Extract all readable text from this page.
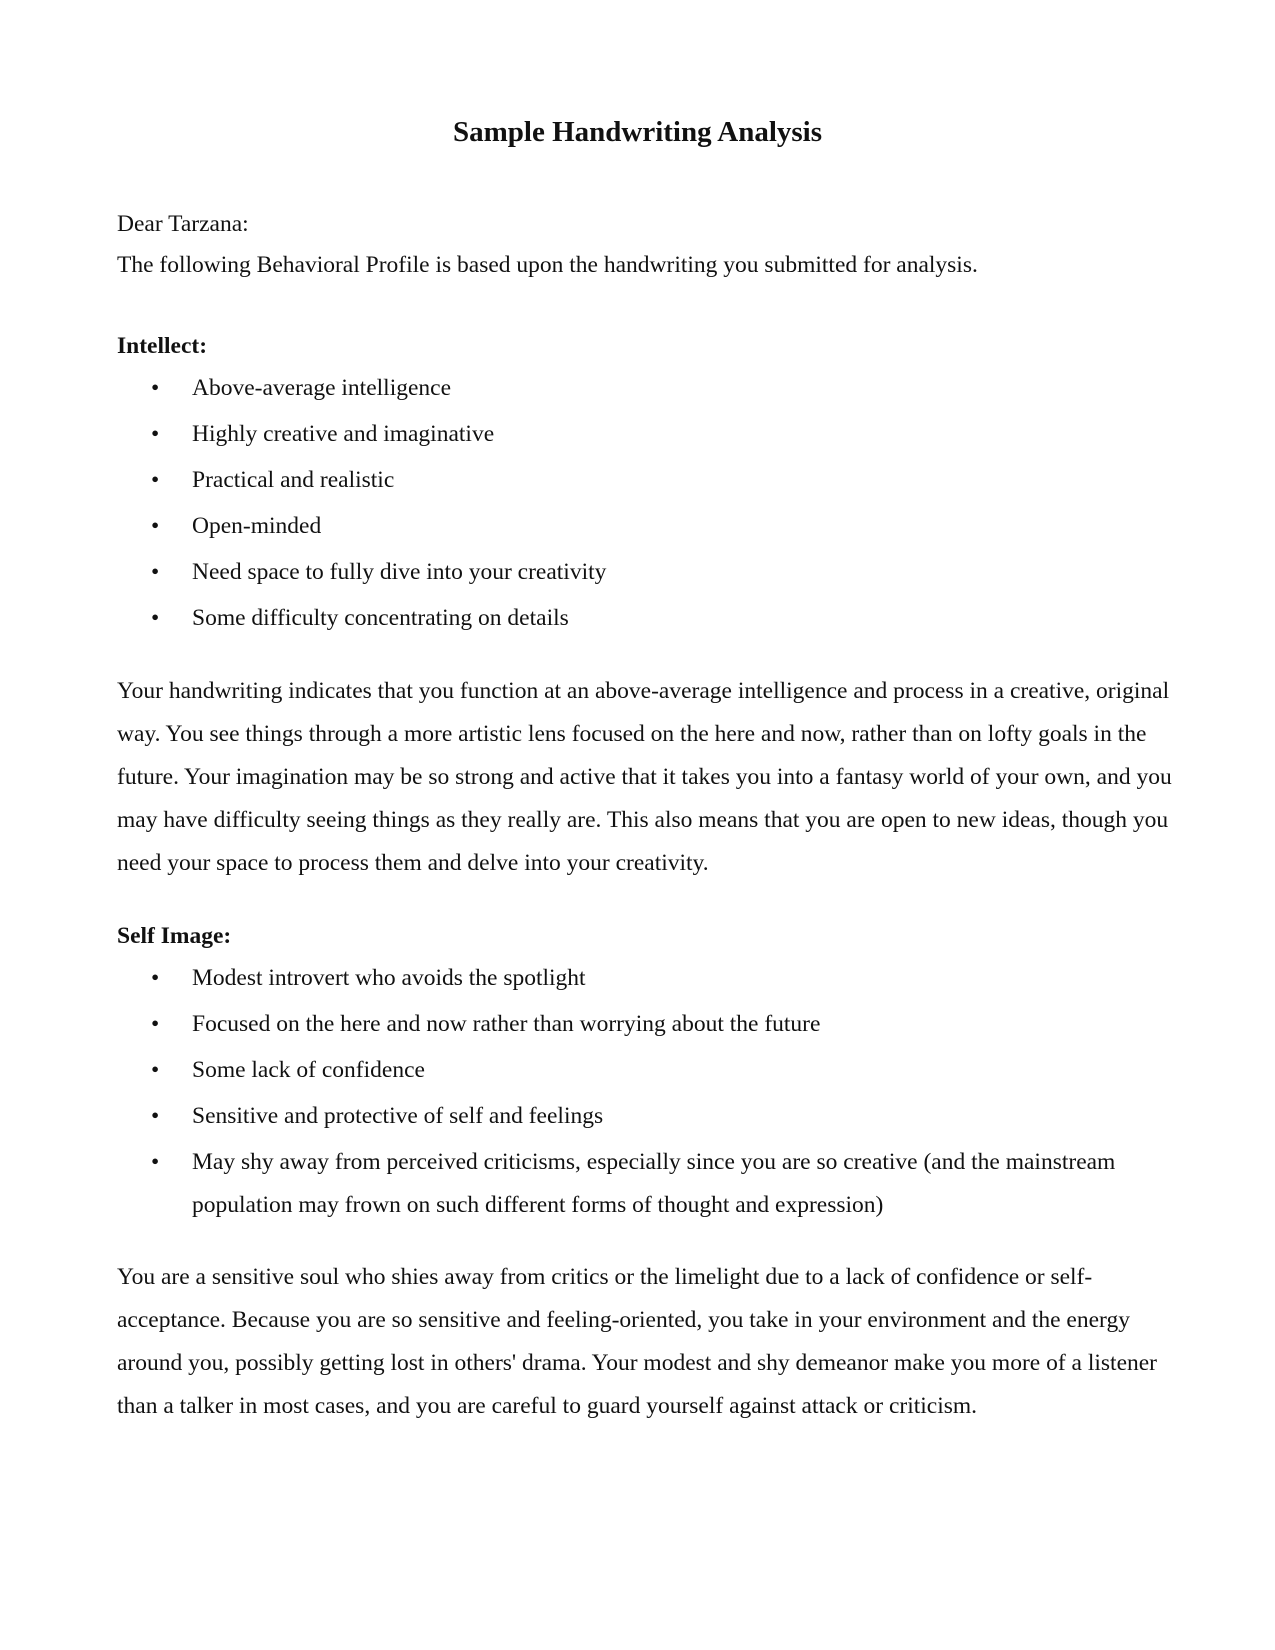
Sample Handwriting Analysis
Dear Tarzana:
The following Behavioral Profile is based upon the handwriting you submitted for analysis.
Intellect:
• Above-average intelligence
• Highly creative and imaginative
• Practical and realistic
• Open-minded
• Need space to fully dive into your creativity
• Some difficulty concentrating on details

Your handwriting indicates that you function at an above-average intelligence and process in a creative, original way. You see things through a more artistic lens focused on the here and now, rather than on lofty goals in the future. Your imagination may be so strong and active that it takes you into a fantasy world of your own, and you may have difficulty seeing things as they really are. This also means that you are open to new ideas, though you need your space to process them and delve into your creativity.

Self Image:
• Modest introvert who avoids the spotlight
• Focused on the here and now rather than worrying about the future
• Some lack of confidence
• Sensitive and protective of self and feelings
• May shy away from perceived criticisms, especially since you are so creative (and the mainstream population may frown on such different forms of thought and expression)

You are a sensitive soul who shies away from critics or the limelight due to a lack of confidence or self-acceptance. Because you are so sensitive and feeling-oriented, you take in your environment and the energy around you, possibly getting lost in others' drama. Your modest and shy demeanor make you more of a listener than a talker in most cases, and you are careful to guard yourself against attack or criticism.
